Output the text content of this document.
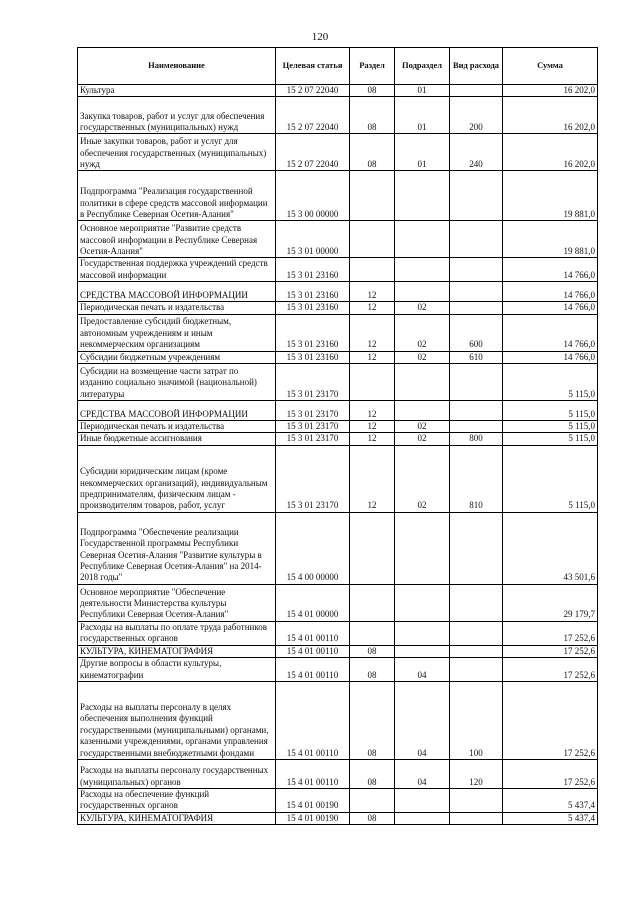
120
Наименование	Целевая статья	Раздел	Подраздел	Вид расхода	Сумма
Культура	15 2 07 22040	08	01		16 202,0
Закупка товаров, работ и услуг для обеспечения государственных (муниципальных) нужд	15 2 07 22040	08	01	200	16 202,0
Иные закупки товаров, работ и услуг для обеспечения государственных (муниципальных) нужд	15 2 07 22040	08	01	240	16 202,0
Подпрограмма "Реализация государственной политики в сфере средств массовой информации в Республике Северная Осетия-Алания"	15 3 00 00000				19 881,0
Основное мероприятие "Развитие средств массовой информации в Республике Северная Осетия-Алания"	15 3 01 00000				19 881,0
Государственная поддержка учреждений средств массовой информации	15 3 01 23160				14 766,0
СРЕДСТВА МАССОВОЙ ИНФОРМАЦИИ	15 3 01 23160	12			14 766,0
Периодическая печать и издательства	15 3 01 23160	12	02		14 766,0
Предоставление субсидий бюджетным, автономным учреждениям и иным некоммерческим организациям	15 3 01 23160	12	02	600	14 766,0
Субсидии бюджетным учреждениям	15 3 01 23160	12	02	610	14 766,0
Субсидии на возмещение части затрат по изданию социально значимой (национальной) литературы	15 3 01 23170				5 115,0
СРЕДСТВА МАССОВОЙ ИНФОРМАЦИИ	15 3 01 23170	12			5 115,0
Периодическая печать и издательства	15 3 01 23170	12	02		5 115,0
Иные бюджетные ассигнования	15 3 01 23170	12	02	800	5 115,0
Субсидии юридическим лицам (кроме некоммерческих организаций), индивидуальным предпринимателям, физическим лицам - производителям товаров, работ, услуг	15 3 01 23170	12	02	810	5 115,0
Подпрограмма "Обеспечение реализации Государственной программы Республики Северная Осетия-Алания "Развитие культуры в Республике Северная Осетия-Алания" на 2014-2018 годы"	15 4 00 00000				43 501,6
Основное мероприятие "Обеспечение деятельности Министерства культуры Республики Северная Осетия-Алания"	15 4 01 00000				29 179,7
Расходы на выплаты по оплате труда работников государственных органов	15 4 01 00110				17 252,6
КУЛЬТУРА, КИНЕМАТОГРАФИЯ	15 4 01 00110	08			17 252,6
Другие вопросы в области культуры, кинематографии	15 4 01 00110	08	04		17 252,6
Расходы на выплаты персоналу в целях обеспечения выполнения функций государственными (муниципальными) органами, казенными учреждениями, органами управления государственными внебюджетными фондами	15 4 01 00110	08	04	100	17 252,6
Расходы на выплаты персоналу государственных (муниципальных) органов	15 4 01 00110	08	04	120	17 252,6
Расходы на обеспечение функций государственных органов	15 4 01 00190				5 437,4
КУЛЬТУРА, КИНЕМАТОГРАФИЯ	15 4 01 00190	08			5 437,4
